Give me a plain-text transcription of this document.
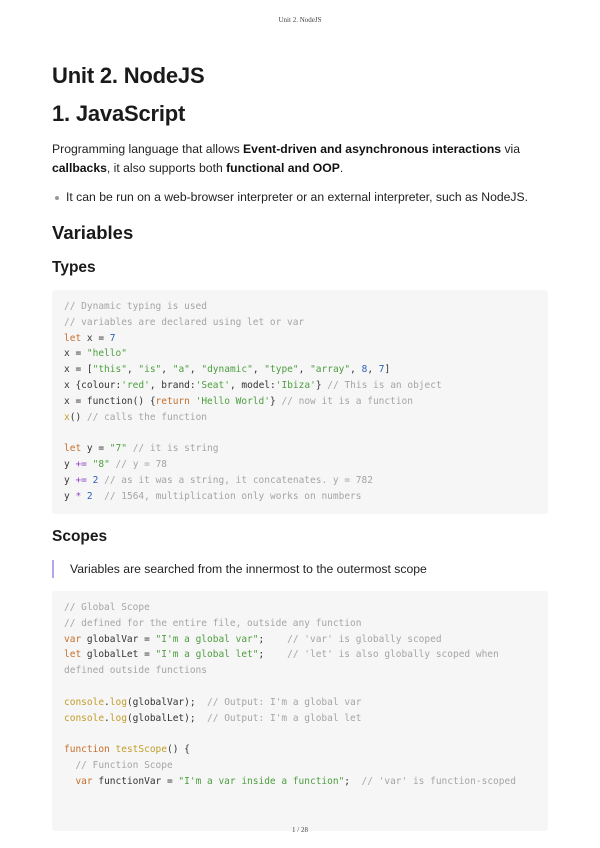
Unit 2. NodeJS
Unit 2. NodeJS
1. JavaScript
Programming language that allows Event-driven and asynchronous interactions via
callbacks, it also supports both functional and OOP.
It can be run on a web-browser interpreter or an external interpreter, such as NodeJS.
Variables
Types
// Dynamic typing is used
// variables are declared using let or var
let x = 7
x = "hello"
x = ["this", "is", "a", "dynamic", "type", "array", 8, 7]
x {colour:'red', brand:'Seat', model:'Ibiza'} // This is an object
x = function() {return 'Hello World'} // now it is a function
x() // calls the function

let y = "7" // it is string
y += "8" // y = 78
y += 2 // as it was a string, it concatenates. y = 782
y * 2 // 1564, multiplication only works on numbers
Scopes
Variables are searched from the innermost to the outermost scope
// Global Scope
// defined for the entire file, outside any function
var globalVar = "I'm a global var"; // 'var' is globally scoped
let globalLet = "I'm a global let"; // 'let' is also globally scoped when defined outside functions

console.log(globalVar); // Output: I'm a global var
console.log(globalLet); // Output: I'm a global let

function testScope() {
// Function Scope
var functionVar = "I'm a var inside a function"; // 'var' is function-scoped
1 / 28
